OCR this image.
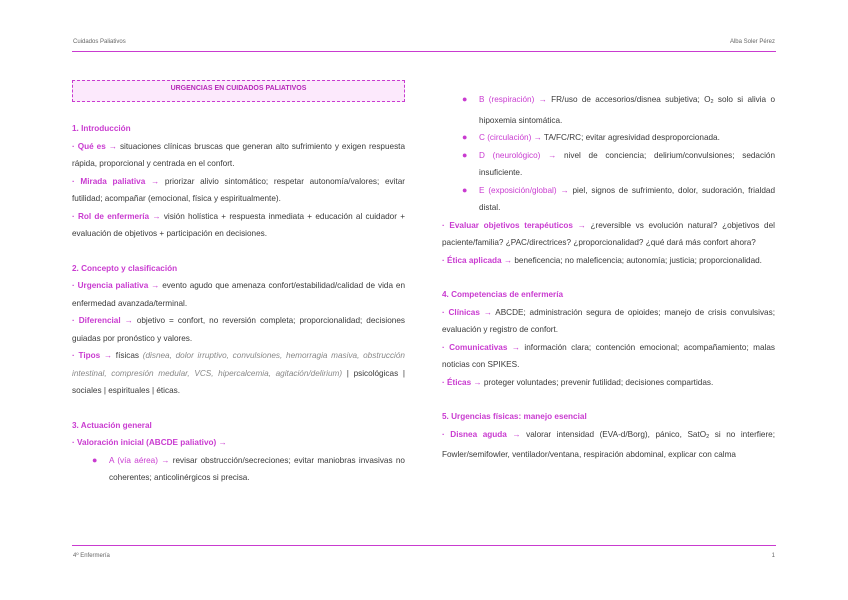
Cuidados Paliativos	Alba Soler Pérez
URGENCIAS EN CUIDADOS PALIATIVOS
1. Introducción

· Qué es → situaciones clínicas bruscas que generan alto sufrimiento y exigen respuesta rápida, proporcional y centrada en el confort.

· Mirada paliativa → priorizar alivio sintomático; respetar autonomía/valores; evitar futilidad; acompañar (emocional, física y espiritualmente).

· Rol de enfermería → visión holística + respuesta inmediata + educación al cuidador + evaluación de objetivos + participación en decisiones.

2. Concepto y clasificación

· Urgencia paliativa → evento agudo que amenaza confort/estabilidad/calidad de vida en enfermedad avanzada/terminal.

· Diferencial → objetivo = confort, no reversión completa; proporcionalidad; decisiones guiadas por pronóstico y valores.

· Tipos → físicas (disnea, dolor irruptivo, convulsiones, hemorragia masiva, obstrucción intestinal, compresión medular, VCS, hipercalcemia, agitación/delirium) | psicológicas | sociales | espirituales | éticas.

3. Actuación general

· Valoración inicial (ABCDE paliativo) →

● A (vía aérea) → revisar obstrucción/secreciones; evitar maniobras invasivas no coherentes; anticolinérgicos si precisa.

● B (respiración) → FR/uso de accesorios/disnea subjetiva; O2 solo si alivia o hipoxemia sintomática.

● C (circulación) → TA/FC/RC; evitar agresividad desproporcionada.

● D (neurológico) → nivel de conciencia; delirium/convulsiones; sedación insuficiente.

● E (exposición/global) → piel, signos de sufrimiento, dolor, sudoración, frialdad distal.

· Evaluar objetivos terapéuticos → ¿reversible vs evolución natural? ¿objetivos del paciente/familia? ¿PAC/directrices? ¿proporcionalidad? ¿qué dará más confort ahora?

· Ética aplicada → beneficencia; no maleficencia; autonomía; justicia; proporcionalidad.

4. Competencias de enfermería

· Clínicas → ABCDE; administración segura de opioides; manejo de crisis convulsivas; evaluación y registro de confort.

· Comunicativas → información clara; contención emocional; acompañamiento; malas noticias con SPIKES.

· Éticas → proteger voluntades; prevenir futilidad; decisiones compartidas.

5. Urgencias físicas: manejo esencial

· Disnea aguda → valorar intensidad (EVA-d/Borg), pánico, SatO2 si no interfiere; Fowler/semifowler, ventilador/ventana, respiración abdominal, explicar con calma

4º Enfermería	1
